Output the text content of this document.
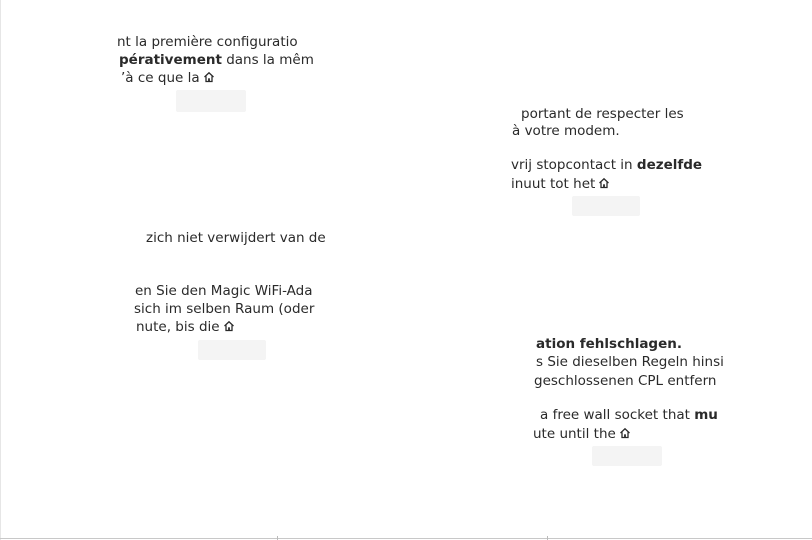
nt la première configuratio

pérativement dans la mêm

’à ce que la

zich niet verwijdert van de

en Sie den Magic WiFi-Ada

sich im selben Raum (oder

nute, bis die

portant de respecter les

à votre modem.

vrij stopcontact in dezelfde

inuut tot het

ation fehlschlagen.

s Sie dieselben Regeln hinsi

geschlossenen CPL entfern

a free wall socket that mu

ute until the
